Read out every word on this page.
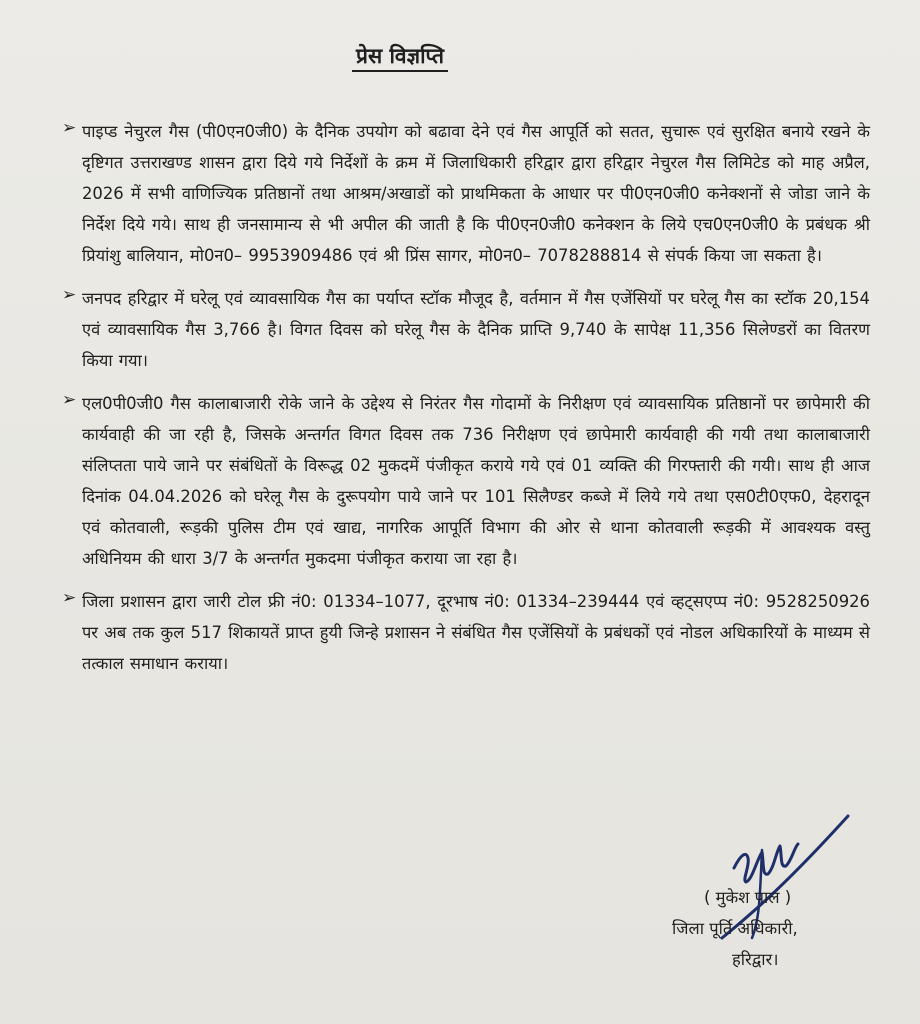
प्रेस विज्ञप्ति
➢ पाइप्ड नेचुरल गैस (पी0एन0जी0) के दैनिक उपयोग को बढावा देने एवं गैस आपूर्ति को सतत, सुचारू एवं सुरक्षित बनाये रखने के दृष्टिगत उत्तराखण्ड शासन द्वारा दिये गये निर्देशों के क्रम में जिलाधिकारी हरिद्वार द्वारा हरिद्वार नेचुरल गैस लिमिटेड को माह अप्रैल, 2026 में सभी वाणिज्यिक प्रतिष्ठानों तथा आश्रम/अखाडों को प्राथमिकता के आधार पर पी0एन0जी0 कनेक्शनों से जोडा जाने के निर्देश दिये गये। साथ ही जनसामान्य से भी अपील की जाती है कि पी0एन0जी0 कनेक्शन के लिये एच0एन0जी0 के प्रबंधक श्री प्रियांशु बालियान, मो0न0– 9953909486 एवं श्री प्रिंस सागर, मो0न0– 7078288814 से संपर्क किया जा सकता है।

➢ जनपद हरिद्वार में घरेलू एवं व्यावसायिक गैस का पर्याप्त स्टॉक मौजूद है, वर्तमान में गैस एजेंसियों पर घरेलू गैस का स्टॉक 20,154 एवं व्यावसायिक गैस 3,766 है। विगत दिवस को घरेलू गैस के दैनिक प्राप्ति 9,740 के सापेक्ष 11,356 सिलेण्डरों का वितरण किया गया।

➢ एल0पी0जी0 गैस कालाबाजारी रोके जाने के उद्देश्य से निरंतर गैस गोदामों के निरीक्षण एवं व्यावसायिक प्रतिष्ठानों पर छापेमारी की कार्यवाही की जा रही है, जिसके अन्तर्गत विगत दिवस तक 736 निरीक्षण एवं छापेमारी कार्यवाही की गयी तथा कालाबाजारी संलिप्तता पाये जाने पर संबंधितों के विरूद्ध 02 मुकदमें पंजीकृत कराये गये एवं 01 व्यक्ति की गिरफ्तारी की गयी। साथ ही आज दिनांक 04.04.2026 को घरेलू गैस के दुरूपयोग पाये जाने पर 101 सिलैण्डर कब्जे में लिये गये तथा एस0टी0एफ0, देहरादून एवं कोतवाली, रूड़की पुलिस टीम एवं खाद्य, नागरिक आपूर्ति विभाग की ओर से थाना कोतवाली रूड़की में आवश्यक वस्तु अधिनियम की धारा 3/7 के अन्तर्गत मुकदमा पंजीकृत कराया जा रहा है।

➢ जिला प्रशासन द्वारा जारी टोल फ्री नं0: 01334–1077, दूरभाष नं0: 01334–239444 एवं व्हट्सएप्प नं0: 9528250926 पर अब तक कुल 517 शिकायतें प्राप्त हुयी जिन्हे प्रशासन ने संबंधित गैस एजेंसियों के प्रबंधकों एवं नोडल अधिकारियों के माध्यम से तत्काल समाधान कराया।

( मुकेश पाल )
जिला पूर्ति अधिकारी,
हरिद्वार।
